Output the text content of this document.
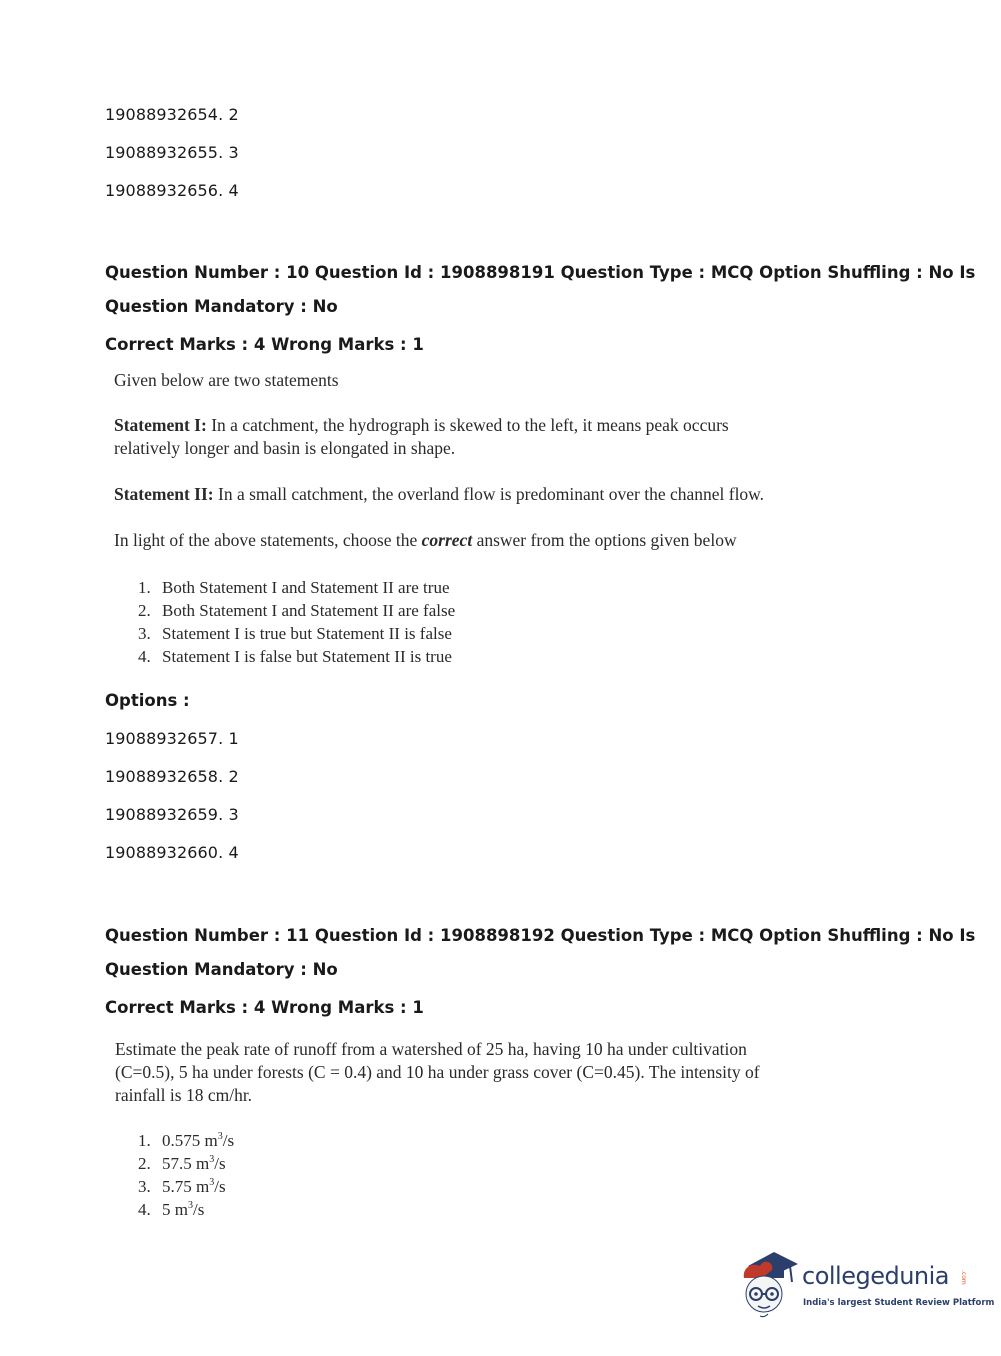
19088932654. 2
19088932655. 3
19088932656. 4
Question Number : 10 Question Id : 1908898191 Question Type : MCQ Option Shuffling : No Is
Question Mandatory : No
Correct Marks : 4 Wrong Marks : 1
Given below are two statements
Statement I: In a catchment, the hydrograph is skewed to the left, it means peak occurs
relatively longer and basin is elongated in shape.
Statement II: In a small catchment, the overland flow is predominant over the channel flow.
In light of the above statements, choose the correct answer from the options given below
1. Both Statement I and Statement II are true
2. Both Statement I and Statement II are false
3. Statement I is true but Statement II is false
4. Statement I is false but Statement II is true
Options :
19088932657. 1
19088932658. 2
19088932659. 3
19088932660. 4
Question Number : 11 Question Id : 1908898192 Question Type : MCQ Option Shuffling : No Is
Question Mandatory : No
Correct Marks : 4 Wrong Marks : 1
Estimate the peak rate of runoff from a watershed of 25 ha, having 10 ha under cultivation
(C=0.5), 5 ha under forests (C = 0.4) and 10 ha under grass cover (C=0.45). The intensity of
rainfall is 18 cm/hr.
1. 0.575 $m^3/s$
2. 57.5 $m^3/s$
3. 5.75 $m^3/s$
4. 5 $m^3/s$
collegedunia .com
India's largest Student Review Platform
